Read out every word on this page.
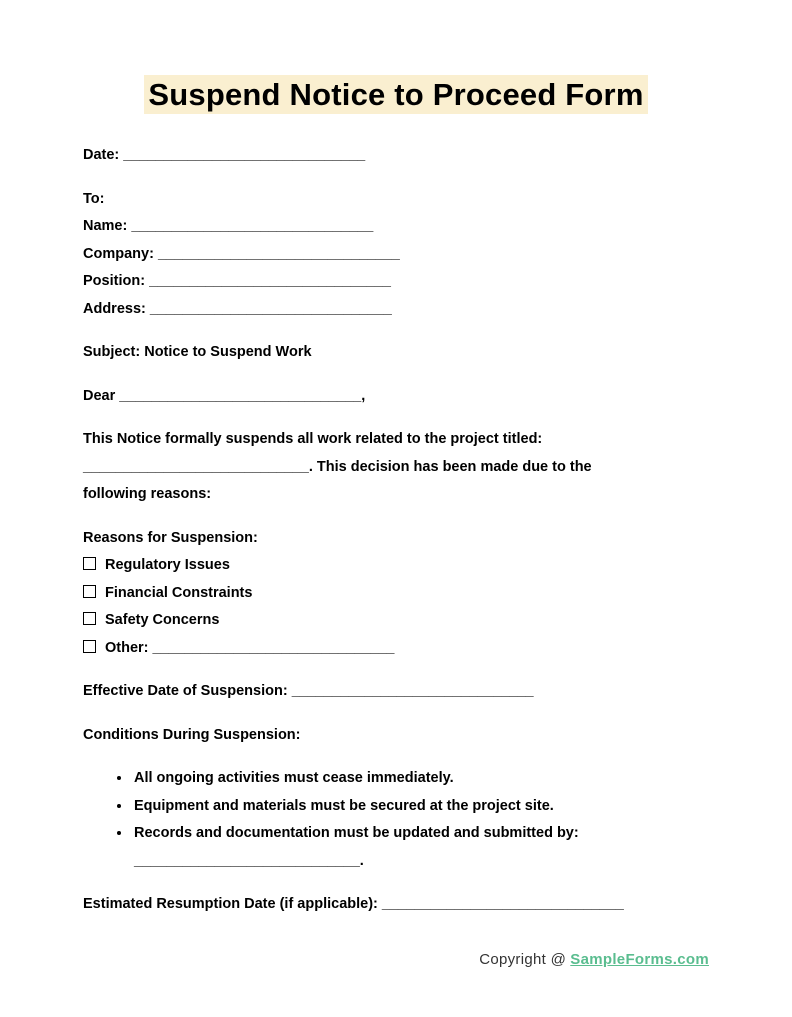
Suspend Notice to Proceed Form

Date: ______________________________

To:
Name: ______________________________
Company: ______________________________
Position: ______________________________
Address: ______________________________

Subject: Notice to Suspend Work

Dear ______________________________,

This Notice formally suspends all work related to the project titled:
____________________________. This decision has been made due to the
following reasons:

Reasons for Suspension:
Regulatory Issues
Financial Constraints
Safety Concerns
Other: ______________________________

Effective Date of Suspension: ______________________________

Conditions During Suspension:

• All ongoing activities must cease immediately.
• Equipment and materials must be secured at the project site.
• Records and documentation must be updated and submitted by:
____________________________.

Estimated Resumption Date (if applicable): ______________________________

Copyright @ SampleForms.com
